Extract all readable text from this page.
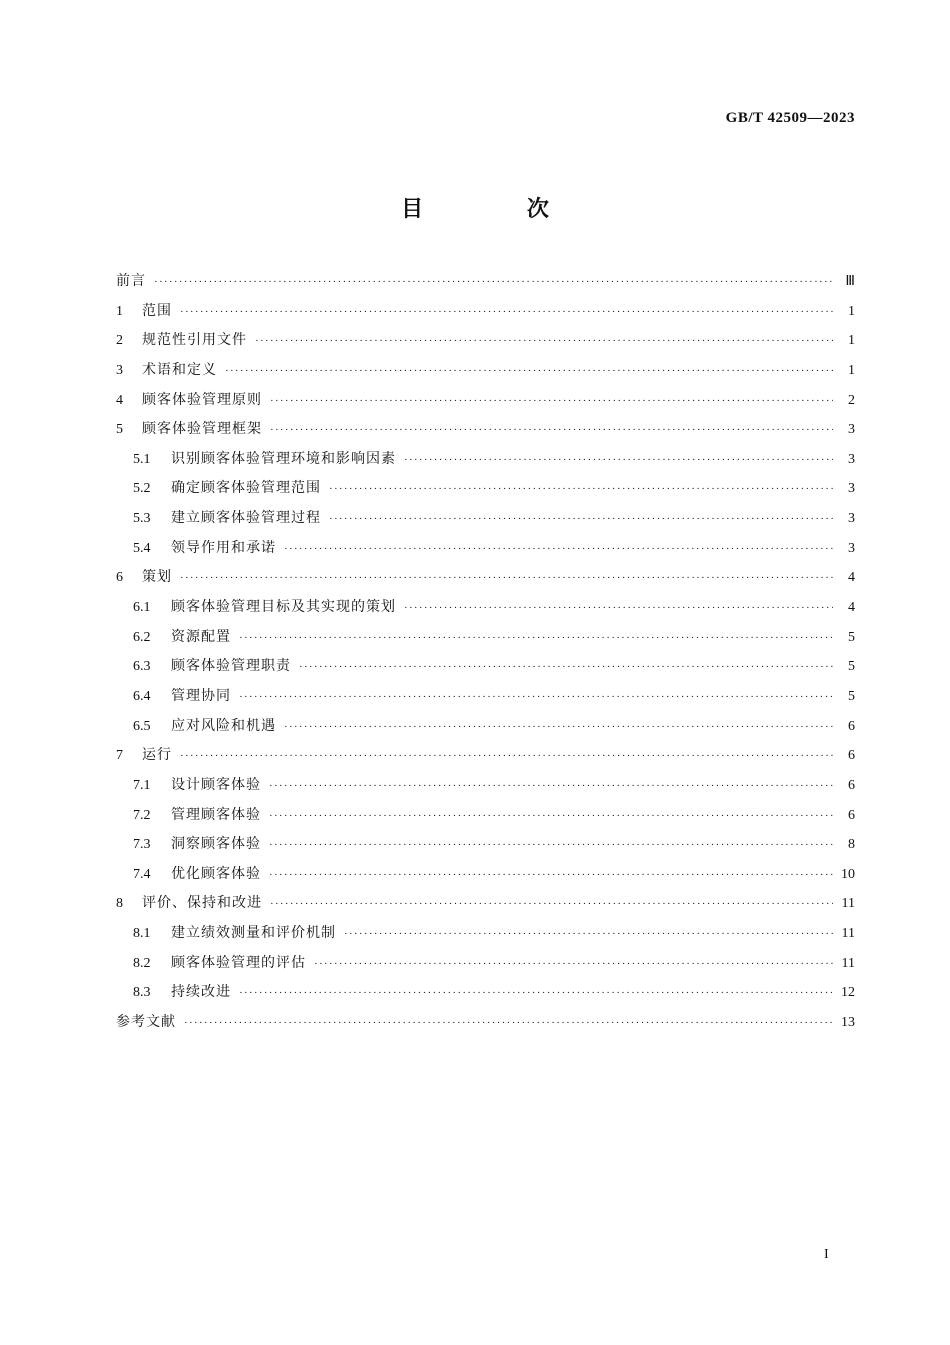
GB/T 42509—2023
目 次
前言 ·····	Ⅲ
1	范围 ·····	1
2	规范性引用文件 ·····	1
3	术语和定义 ·····	1
4	顾客体验管理原则 ·····	2
5	顾客体验管理框架 ·····	3
5.1	识别顾客体验管理环境和影响因素 ·····	3
5.2	确定顾客体验管理范围 ·····	3
5.3	建立顾客体验管理过程 ·····	3
5.4	领导作用和承诺 ·····	3
6	策划 ·····	4
6.1	顾客体验管理目标及其实现的策划 ·····	4
6.2	资源配置 ·····	5
6.3	顾客体验管理职责 ·····	5
6.4	管理协同 ·····	5
6.5	应对风险和机遇 ·····	6
7	运行 ·····	6
7.1	设计顾客体验 ·····	6
7.2	管理顾客体验 ·····	6
7.3	洞察顾客体验 ·····	8
7.4	优化顾客体验 ·····	10
8	评价、保持和改进 ·····	11
8.1	建立绩效测量和评价机制 ·····	11
8.2	顾客体验管理的评估 ·····	11
8.3	持续改进 ·····	12
参考文献 ·····	13
I
